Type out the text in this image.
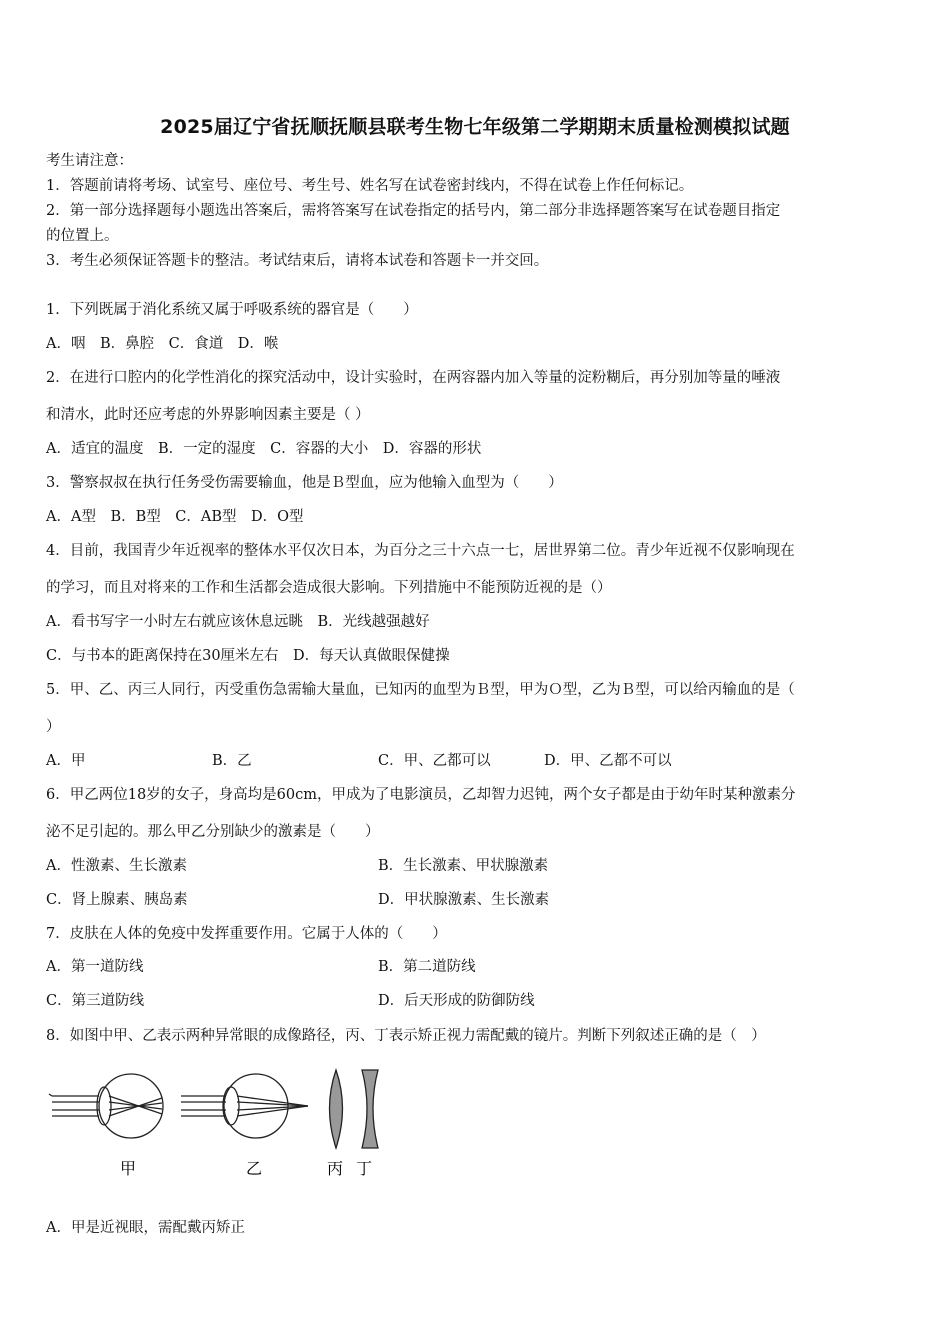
2025届辽宁省抚顺抚顺县联考生物七年级第二学期期末质量检测模拟试题
考生请注意：
1．答题前请将考场、试室号、座位号、考生号、姓名写在试卷密封线内，不得在试卷上作任何标记。
2．第一部分选择题每小题选出答案后，需将答案写在试卷指定的括号内，第二部分非选择题答案写在试卷题目指定
的位置上。
3．考生必须保证答题卡的整洁。考试结束后，请将本试卷和答题卡一并交回。
1．下列既属于消化系统又属于呼吸系统的器官是（　　）
A．咽　B．鼻腔　C．食道　D．喉
2．在进行口腔内的化学性消化的探究活动中，设计实验时，在两容器内加入等量的淀粉糊后，再分别加等量的唾液
和清水，此时还应考虑的外界影响因素主要是（ ）
A．适宜的温度　B．一定的湿度　C．容器的大小　D．容器的形状
3．警察叔叔在执行任务受伤需要输血，他是Ｂ型血，应为他输入血型为（　　）
A．A型　B．B型　C．AB型　D．O型
4．目前，我国青少年近视率的整体水平仅次日本，为百分之三十六点一七，居世界第二位。青少年近视不仅影响现在
的学习，而且对将来的工作和生活都会造成很大影响。下列措施中不能预防近视的是（）
A．看书写字一小时左右就应该休息远眺　B．光线越强越好
C．与书本的距离保持在30厘米左右　D．每天认真做眼保健操
5．甲、乙、丙三人同行，丙受重伤急需输大量血，已知丙的血型为Ｂ型，甲为Ｏ型，乙为Ｂ型，可以给丙输血的是（
）
A．甲	B．乙	C．甲、乙都可以	D．甲、乙都不可以
6．甲乙两位18岁的女子，身高均是60cm，甲成为了电影演员，乙却智力迟钝，两个女子都是由于幼年时某种激素分
泌不足引起的。那么甲乙分别缺少的激素是（　　）
A．性激素、生长激素	B．生长激素、甲状腺激素
C．肾上腺素、胰岛素	D．甲状腺激素、生长激素
7．皮肤在人体的免疫中发挥重要作用。它属于人体的（　　）
A．第一道防线	B．第二道防线
C．第三道防线	D．后天形成的防御防线
8．如图中甲、乙表示两种异常眼的成像路径，丙、丁表示矫正视力需配戴的镜片。判断下列叙述正确的是（　）
甲	乙	丙 丁
A．甲是近视眼，需配戴丙矫正
